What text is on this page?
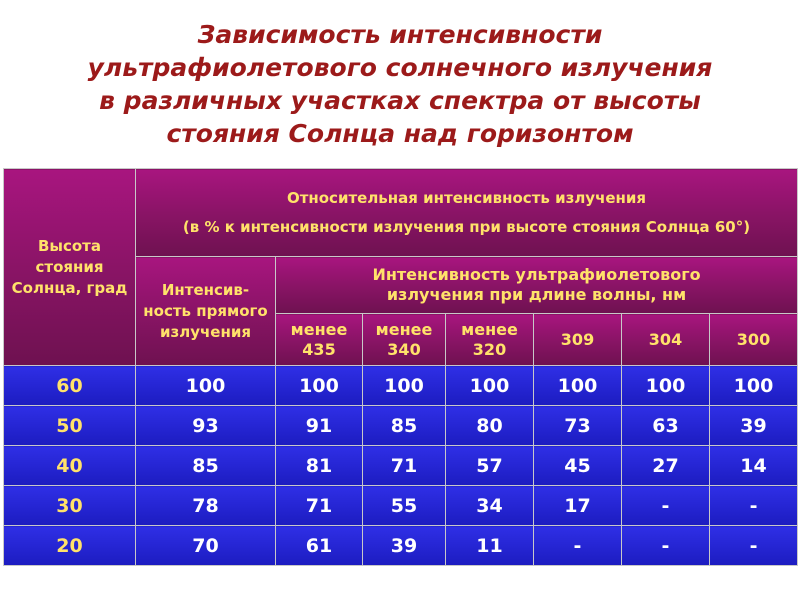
Зависимость интенсивности
ультрафиолетового солнечного излучения
в различных участках спектра от высоты
стояния Солнца над горизонтом
Высота стояния Солнца, град	Относительная интенсивность излучения
(в % к интенсивности излучения при высоте стояния Солнца 60°)						

	Интенсив-ность прямого излучения	Интенсивность ультрафиолетового излучения при длине волны, нм					
		менее 435	менее 340	менее 320	309	304	300
60	100	100	100	100	100	100	100
50	93	91	85	80	73	63	39
40	85	81	71	57	45	27	14
30	78	71	55	34	17	-	-
20	70	61	39	11	-	-	-
